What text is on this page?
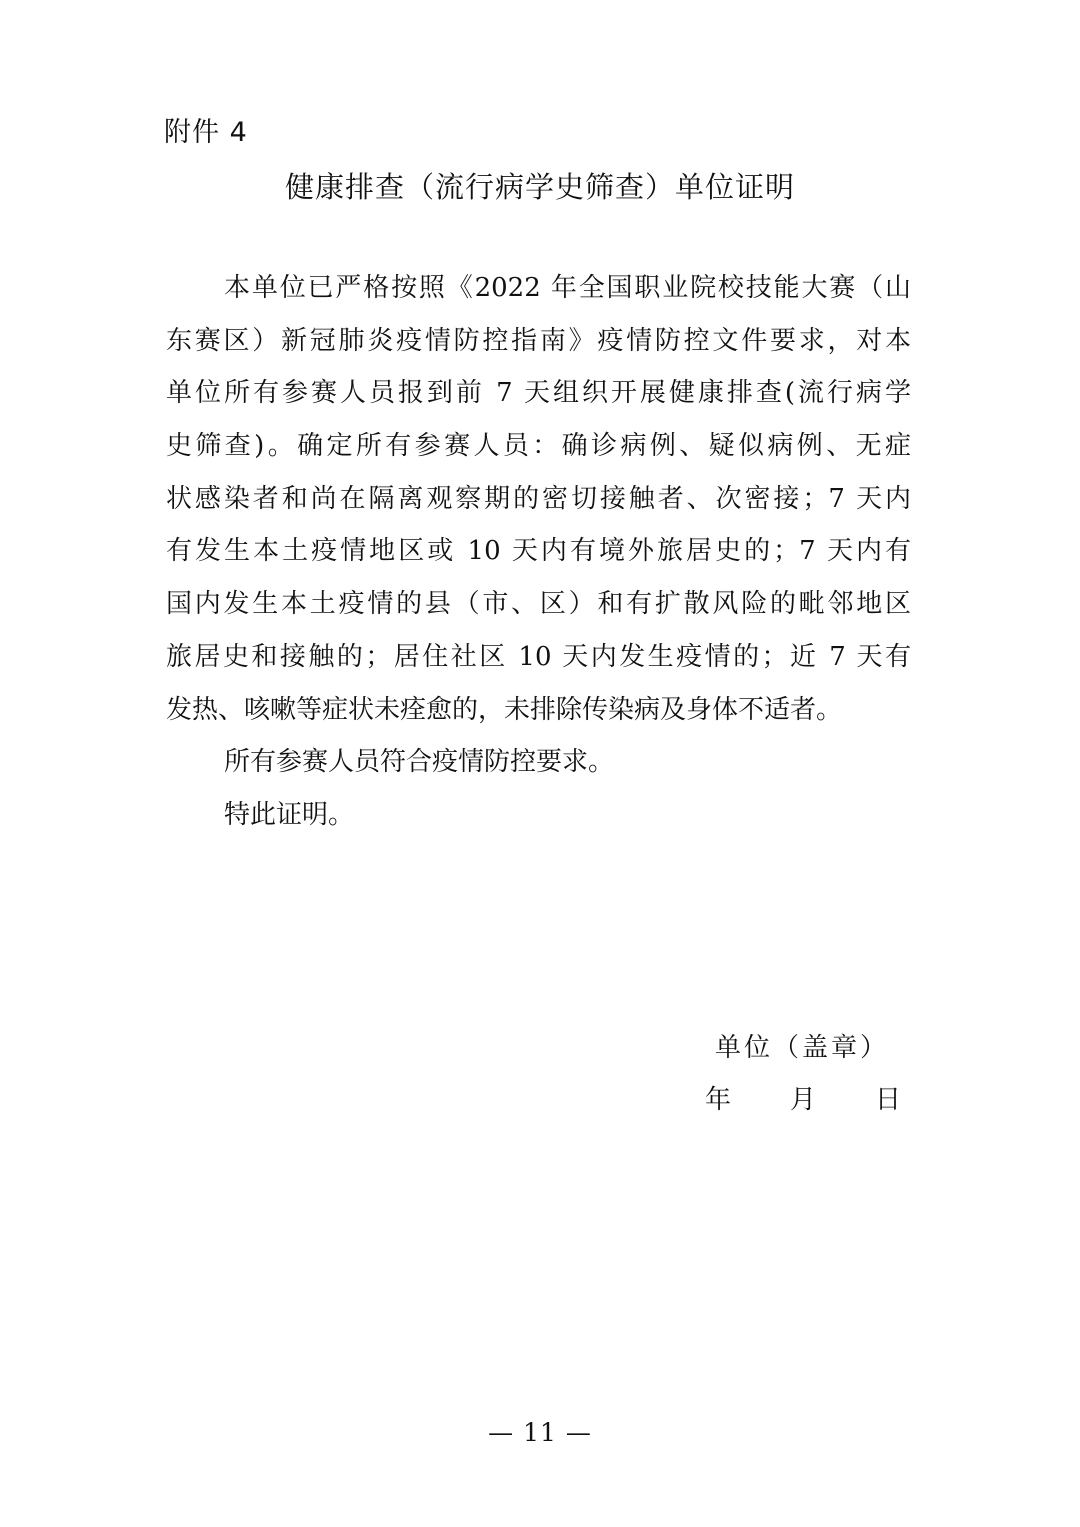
附件 4
健康排查（流行病学史筛查）单位证明
本单位已严格按照《2022 年全国职业院校技能大赛（山
东赛区）新冠肺炎疫情防控指南》疫情防控文件要求，对本
单位所有参赛人员报到前 7 天组织开展健康排查(流行病学
史筛查)。确定所有参赛人员：确诊病例、疑似病例、无症
状感染者和尚在隔离观察期的密切接触者、次密接；7 天内
有发生本土疫情地区或 10 天内有境外旅居史的；7 天内有
国内发生本土疫情的县（市、区）和有扩散风险的毗邻地区
旅居史和接触的；居住社区 10 天内发生疫情的；近 7 天有
发热、咳嗽等症状未痊愈的，未排除传染病及身体不适者。
所有参赛人员符合疫情防控要求。
特此证明。
单位（盖章）
年 月 日
— 11 —
